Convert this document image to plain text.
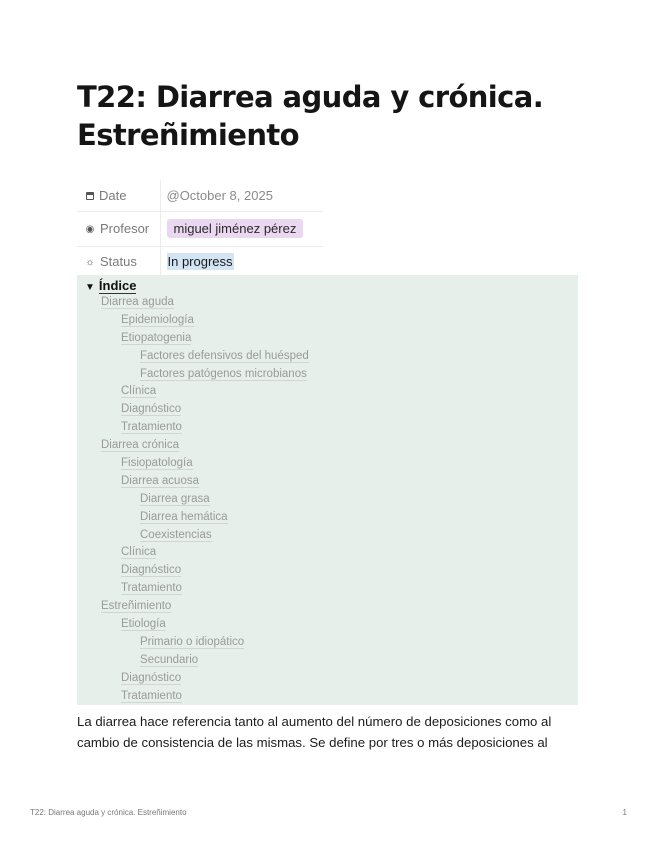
T22: Diarrea aguda y crónica.
Estreñimiento
Date	@October 8, 2025
◉ Profesor	miguel jiménez pérez
☼ Status	In progress
▼ Índice
Diarrea aguda
Epidemiología
Etiopatogenia
Factores defensivos del huésped
Factores patógenos microbianos
Clínica
Diagnóstico
Tratamiento
Diarrea crónica
Fisiopatología
Diarrea acuosa
Diarrea grasa
Diarrea hemática
Coexistencias
Clínica
Diagnóstico
Tratamiento
Estreñimiento
Etiología
Primario o idiopático
Secundario
Diagnóstico
Tratamiento

La diarrea hace referencia tanto al aumento del número de deposiciones como al cambio de consistencia de las mismas. Se define por tres o más deposiciones al

T22: Diarrea aguda y crónica. Estreñimiento	1
